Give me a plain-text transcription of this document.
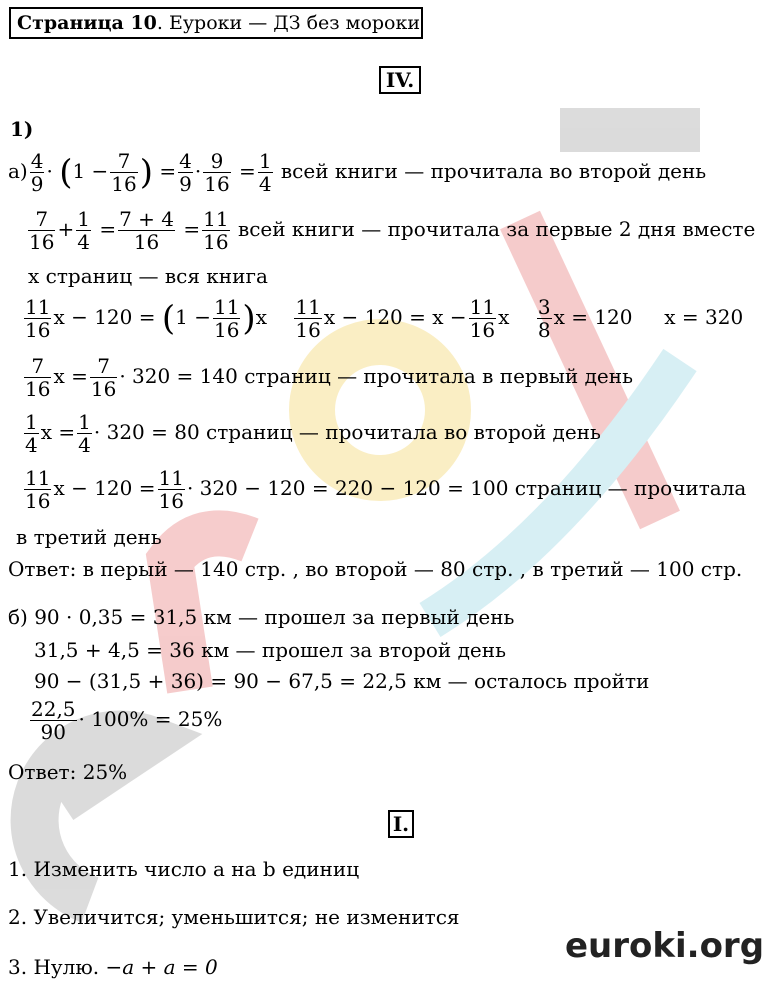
Страница 10. Еуроки — ДЗ без мороки
IV.
1)
$а) \frac{4}{9} \cdot (1 - \frac{7}{16}$ ) = $\frac{4}{9} \cdot \frac{9}{16} = \frac{1}{4}$ всей книги — прочитала во второй день
$\frac{7}{16} + \frac{1}{4} = \frac{7 + 4}{16} = \frac{11}{16}$ всей книги — прочитала за первые 2 дня вместе
х страниц — вся книга
$\frac{11}{16}$ $х - 120 = (1 - \frac{11}{16} )х \frac{11}{16}$ $х - 120 = х - \frac{11}{16}$ х $\frac{3}{8}$ х = 120 х = 320
$\frac{7}{16}$ $х = \frac{7}{16} \cdot 320 = 140$ страниц — прочитала в первый день
$\frac{1}{4}$ $х = \frac{1}{4} \cdot 320 = 80$ страниц — прочитала во второй день
$\frac{11}{16}$ $х - 120 = \frac{11}{16} \cdot 320 - 120 = 220 - 120 = 100$ страниц — прочитала
в третий день
Ответ: в перый — 140 стр. , во второй — 80 стр. , в третий — 100 стр.
б) 90 · 0,35 = 31,5 км — прошел за первый день
31,5 + 4,5 = 36 км — прошел за второй день
90 − (31,5 + 36) = 90 − 67,5 = 22,5 км — осталось пройти
$\frac{22,5}{90} \cdot 100\% = 25\%$
Ответ: 25%
I.
1. Изменить число а на b единиц
2. Увеличится; уменьшится; не изменится
3. Нулю. −a + a = 0
euroki.org
